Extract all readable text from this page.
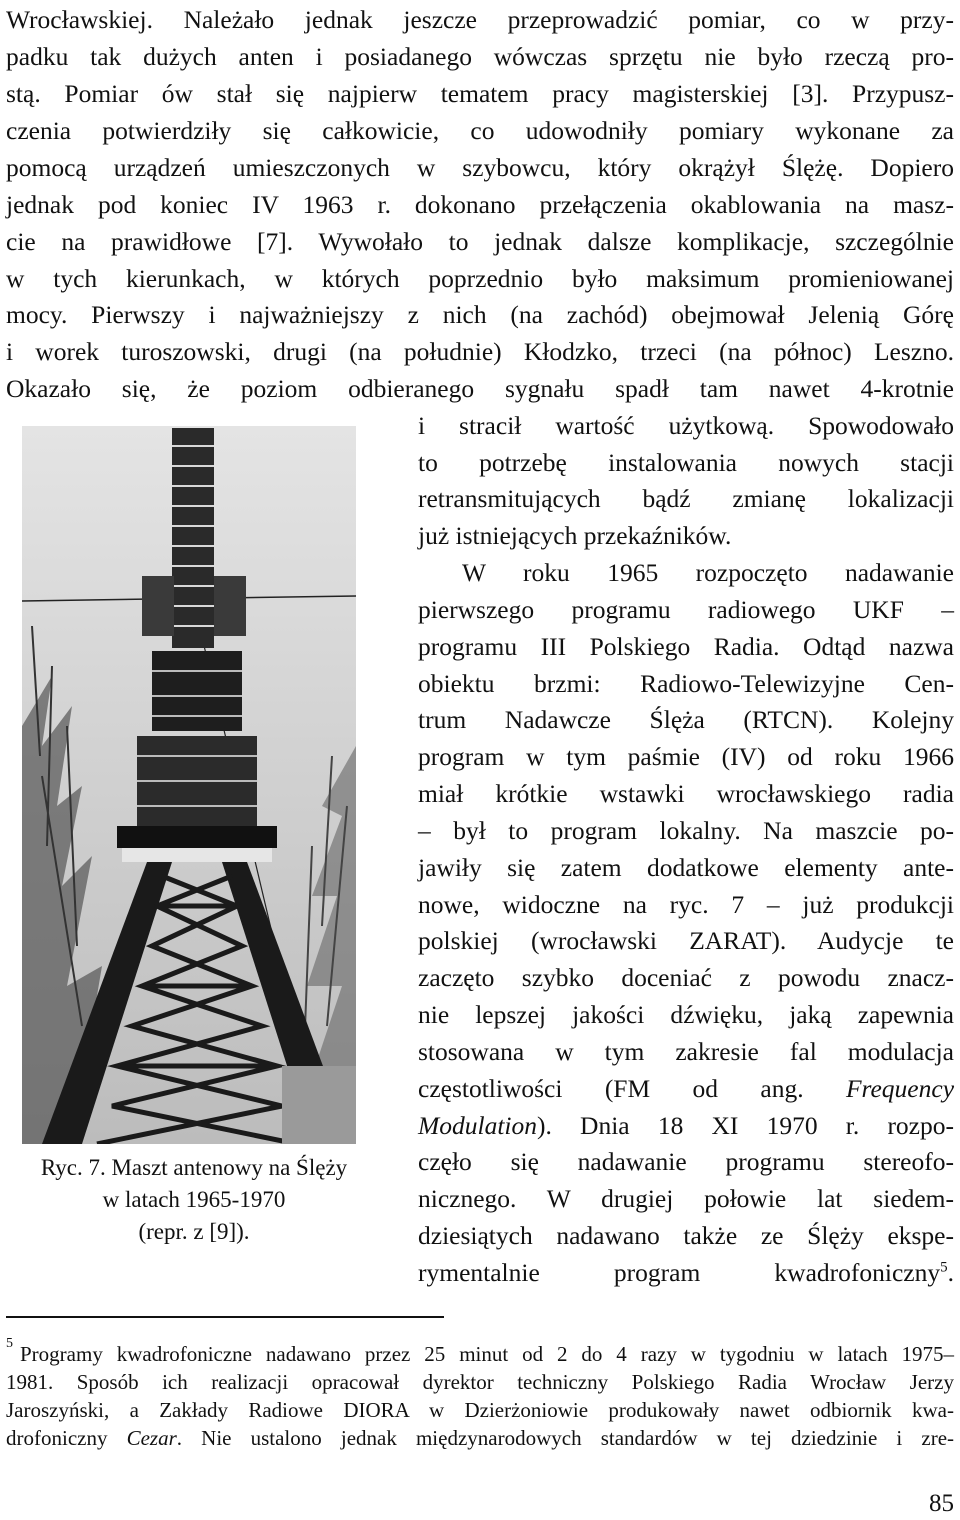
Wrocławskiej. Należało jednak jeszcze przeprowadzić pomiar, co w przy-
padku tak dużych anten i posiadanego wówczas sprzętu nie było rzeczą pro-
stą. Pomiar ów stał się najpierw tematem pracy magisterskiej [3]. Przypusz-
czenia potwierdziły się całkowicie, co udowodniły pomiary wykonane za
pomocą urządzeń umieszczonych w szybowcu, który okrążył Ślężę. Dopiero
jednak pod koniec IV 1963 r. dokonano przełączenia okablowania na masz-
cie na prawidłowe [7]. Wywołało to jednak dalsze komplikacje, szczególnie
w tych kierunkach, w których poprzednio było maksimum promieniowanej
mocy. Pierwszy i najważniejszy z nich (na zachód) obejmował Jelenią Górę
i worek turoszowski, drugi (na południe) Kłodzko, trzeci (na północ) Leszno.
Okazało się, że poziom odbieranego sygnału spadł tam nawet 4-krotnie
Ryc. 7. Maszt antenowy na Ślęży
w latach 1965-1970
(repr. z [9]).
i stracił wartość użytkową. Spowodowało
to potrzebę instalowania nowych stacji
retransmitujących bądź zmianę lokalizacji
już istniejących przekaźników.
W roku 1965 rozpoczęto nadawanie
pierwszego programu radiowego UKF –
programu III Polskiego Radia. Odtąd nazwa
obiektu brzmi: Radiowo-Telewizyjne Cen-
trum Nadawcze Ślęża (RTCN). Kolejny
program w tym paśmie (IV) od roku 1966
miał krótkie wstawki wrocławskiego radia
– był to program lokalny. Na maszcie po-
jawiły się zatem dodatkowe elementy ante-
nowe, widoczne na ryc. 7 – już produkcji
polskiej (wrocławski ZARAT). Audycje te
zaczęto szybko doceniać z powodu znacz-
nie lepszej jakości dźwięku, jaką zapewnia
stosowana w tym zakresie fal modulacja
częstotliwości (FM od ang. Frequency
Modulation). Dnia 18 XI 1970 r. rozpo-
częło się nadawanie programu stereofo-
nicznego. W drugiej połowie lat siedem-
dziesiątych nadawano także ze Ślęży ekspe-
rymentalnie program kwadrofoniczny$^5$.
5 Programy kwadrofoniczne nadawano przez 25 minut od 2 do 4 razy w tygodniu w latach 1975–
1981. Sposób ich realizacji opracował dyrektor techniczny Polskiego Radia Wrocław Jerzy
Jaroszyński, a Zakłady Radiowe DIORA w Dzierżoniowie produkowały nawet odbiornik kwa-
drofoniczny Cezar. Nie ustalono jednak międzynarodowych standardów w tej dziedzinie i zre-
85
